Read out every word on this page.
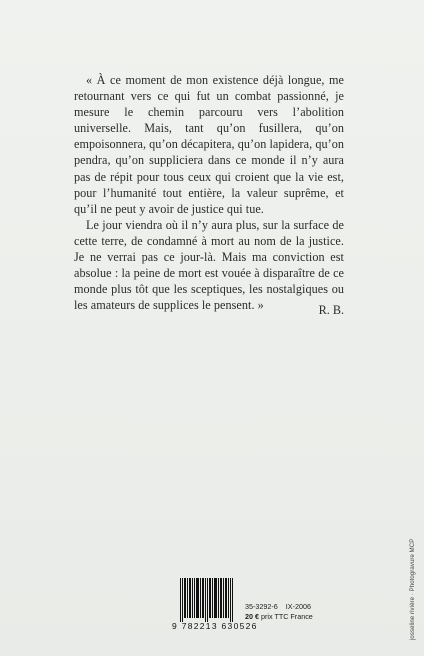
« À ce moment de mon existence déjà longue, me retournant vers ce qui fut un combat passionné, je mesure le chemin parcouru vers l’abolition universelle. Mais, tant qu’on fusillera, qu’on empoisonnera, qu’on décapitera, qu’on lapidera, qu’on pendra, qu’on suppliciera dans ce monde il n’y aura pas de répit pour tous ceux qui croient que la vie est, pour l’humanité tout entière, la valeur suprême, et qu’il ne peut y avoir de justice qui tue.

Le jour viendra où il n’y aura plus, sur la surface de cette terre, de condamné à mort au nom de la justice. Je ne verrai pas ce jour-là. Mais ma conviction est absolue : la peine de mort est vouée à disparaître de ce monde plus tôt que les sceptiques, les nostalgiques ou les amateurs de supplices le pensent. »	R. B.
josseline rivière · Photogravure MCP
9 782213 630526
35-3292-6 IX-2006
20 € prix TTC France
